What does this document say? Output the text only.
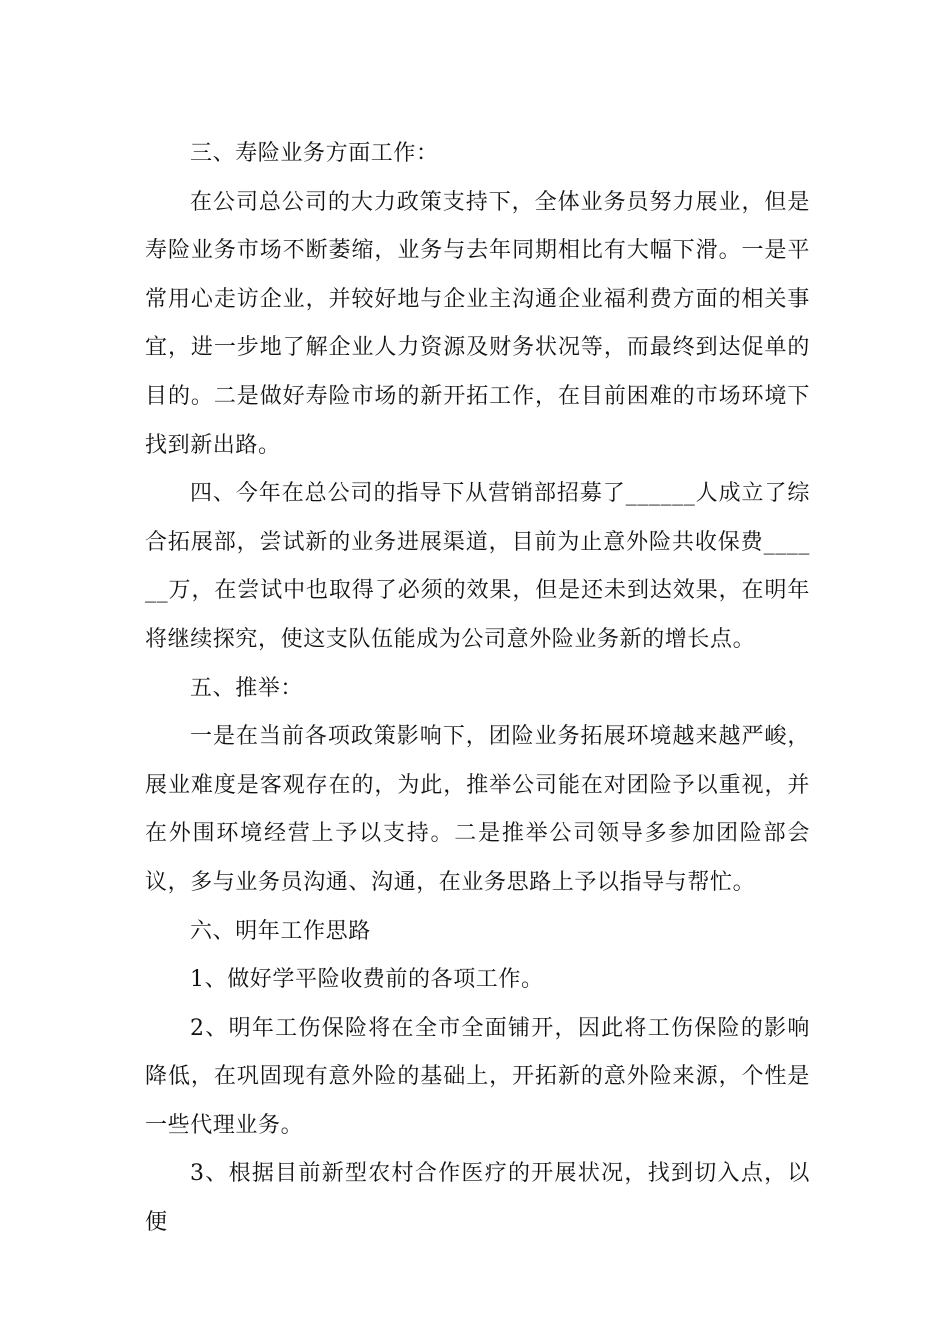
三、寿险业务方面工作：

在公司总公司的大力政策支持下，全体业务员努力展业，但是寿险业务市场不断萎缩，业务与去年同期相比有大幅下滑。一是平常用心走访企业，并较好地与企业主沟通企业福利费方面的相关事宜，进一步地了解企业人力资源及财务状况等，而最终到达促单的目的。二是做好寿险市场的新开拓工作，在目前困难的市场环境下找到新出路。

四、今年在总公司的指导下从营销部招募了______人成立了综合拓展部，尝试新的业务进展渠道，目前为止意外险共收保费______万，在尝试中也取得了必须的效果，但是还未到达效果，在明年将继续探究，使这支队伍能成为公司意外险业务新的增长点。

五、推举：

一是在当前各项政策影响下，团险业务拓展环境越来越严峻，展业难度是客观存在的，为此，推举公司能在对团险予以重视，并在外围环境经营上予以支持。二是推举公司领导多参加团险部会议，多与业务员沟通、沟通，在业务思路上予以指导与帮忙。

六、明年工作思路

1、做好学平险收费前的各项工作。

2、明年工伤保险将在全市全面铺开，因此将工伤保险的影响降低，在巩固现有意外险的基础上，开拓新的意外险来源，个性是一些代理业务。

3、根据目前新型农村合作医疗的开展状况，找到切入点，以便
